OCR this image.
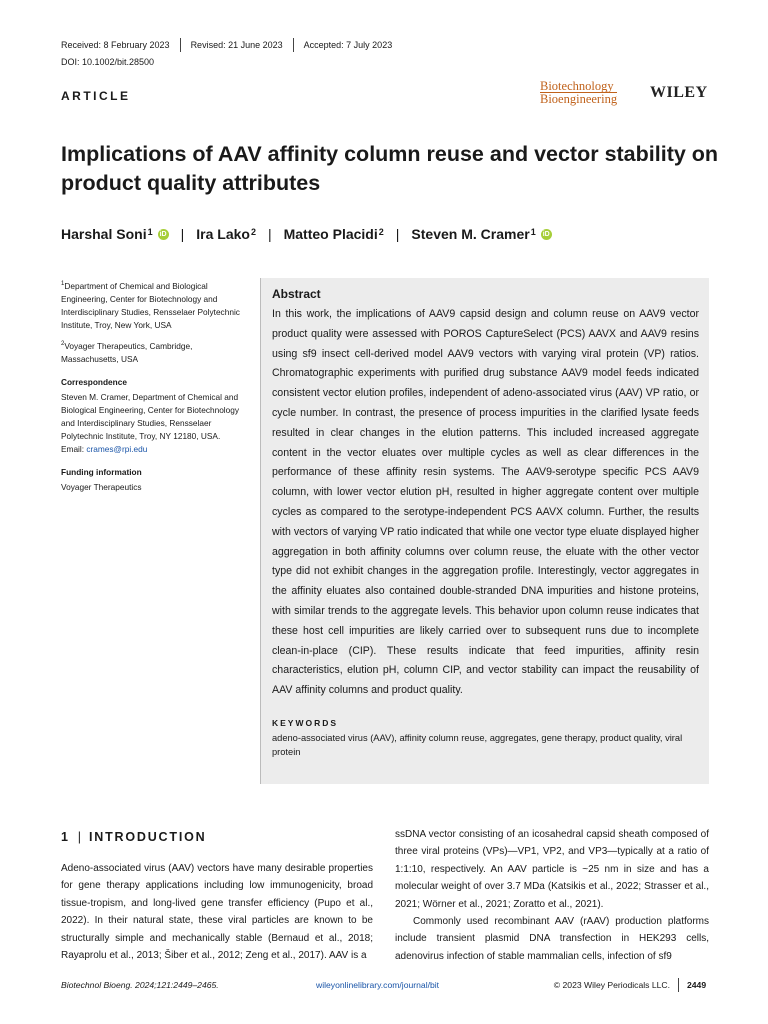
Received: 8 February 2023	Revised: 21 June 2023	Accepted: 7 July 2023
DOI: 10.1002/bit.28500
ARTICLE
Biotechnology
Bioengineering WILEY
Implications of AAV affinity column reuse and vector stability on product quality attributes
Harshal Soni$^1$ iD | Ira Lako$^2$ | Matteo Placidi$^2$ | Steven M. Cramer$^1$ iD

$^1$Department of Chemical and Biological Engineering, Center for Biotechnology and Interdisciplinary Studies, Rensselaer Polytechnic Institute, Troy, New York, USA

$^2$Voyager Therapeutics, Cambridge, Massachusetts, USA

Correspondence

Steven M. Cramer, Department of Chemical and Biological Engineering, Center for Biotechnology and Interdisciplinary Studies, Rensselaer Polytechnic Institute, Troy, NY 12180, USA.
Email: crames@rpi.edu

Funding information

Voyager Therapeutics

Abstract
In this work, the implications of AAV9 capsid design and column reuse on AAV9 vector product quality were assessed with POROS CaptureSelect (PCS) AAVX and AAV9 resins using sf9 insect cell-derived model AAV9 vectors with varying viral protein (VP) ratios. Chromatographic experiments with purified drug substance AAV9 model feeds indicated consistent vector elution profiles, independent of adeno-associated virus (AAV) VP ratio, or cycle number. In contrast, the presence of process impurities in the clarified lysate feeds resulted in clear changes in the elution patterns. This included increased aggregate content in the vector eluates over multiple cycles as well as clear differences in the performance of these affinity resin systems. The AAV9-serotype specific PCS AAV9 column, with lower vector elution pH, resulted in higher aggregate content over multiple cycles as compared to the serotype-independent PCS AAVX column. Further, the results with vectors of varying VP ratio indicated that while one vector type eluate displayed higher aggregation in both affinity columns over column reuse, the eluate with the other vector type did not exhibit changes in the aggregation profile. Interestingly, vector aggregates in the affinity eluates also contained double-stranded DNA impurities and histone proteins, with similar trends to the aggregate levels. This behavior upon column reuse indicates that these host cell impurities are likely carried over to subsequent runs due to incomplete clean-in-place (CIP). These results indicate that feed impurities, affinity resin characteristics, elution pH, column CIP, and vector stability can impact the reusability of AAV affinity columns and product quality.
KEYWORDS
adeno-associated virus (AAV), affinity column reuse, aggregates, gene therapy, product quality, viral protein
1 | INTRODUCTION

Adeno-associated virus (AAV) vectors have many desirable properties for gene therapy applications including low immunogenicity, broad tissue-tropism, and long-lived gene transfer efficiency (Pupo et al., 2022). In their natural state, these viral particles are known to be structurally simple and mechanically stable (Bernaud et al., 2018; Rayaprolu et al., 2013; Šiber et al., 2012; Zeng et al., 2017). AAV is a

ssDNA vector consisting of an icosahedral capsid sheath composed of three viral proteins (VPs)—VP1, VP2, and VP3—typically at a ratio of 1:1:10, respectively. An AAV particle is ~25 nm in size and has a molecular weight of over 3.7 MDa (Katsikis et al., 2022; Strasser et al., 2021; Wörner et al., 2021; Zoratto et al., 2021).

Commonly used recombinant AAV (rAAV) production platforms include transient plasmid DNA transfection in HEK293 cells, adenovirus infection of stable mammalian cells, infection of sf9

Biotechnol Bioeng. 2024;121:2449–2465.	wileyonlinelibrary.com/journal/bit	© 2023 Wiley Periodicals LLC.	2449
